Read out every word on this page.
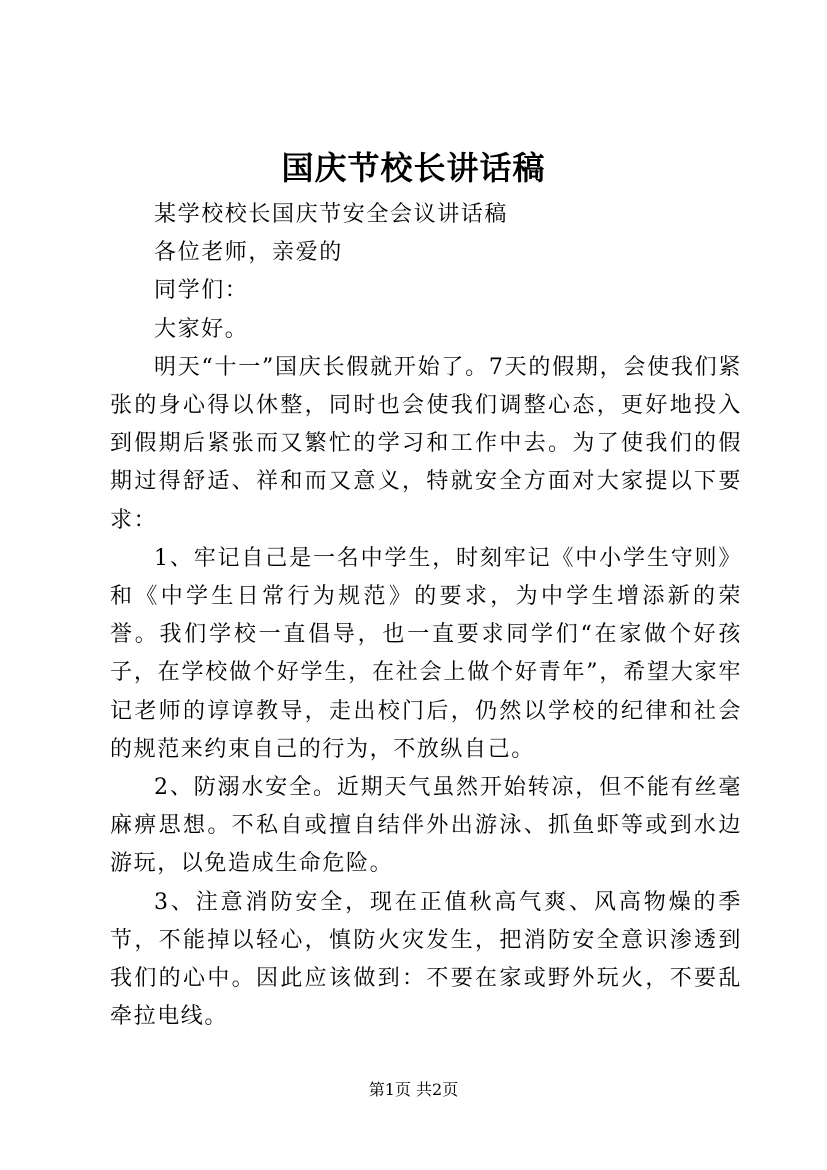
国庆节校长讲话稿

某学校校长国庆节安全会议讲话稿

各位老师，亲爱的

同学们：

大家好。

明天“十一”国庆长假就开始了。7天的假期，会使我们紧张的身心得以休整，同时也会使我们调整心态，更好地投入到假期后紧张而又繁忙的学习和工作中去。为了使我们的假期过得舒适、祥和而又意义，特就安全方面对大家提以下要求：

1、牢记自己是一名中学生，时刻牢记《中小学生守则》和《中学生日常行为规范》的要求，为中学生增添新的荣誉。我们学校一直倡导，也一直要求同学们“在家做个好孩子，在学校做个好学生，在社会上做个好青年”，希望大家牢记老师的谆谆教导，走出校门后，仍然以学校的纪律和社会的规范来约束自己的行为，不放纵自己。

2、防溺水安全。近期天气虽然开始转凉，但不能有丝毫麻痹思想。不私自或擅自结伴外出游泳、抓鱼虾等或到水边游玩，以免造成生命危险。

3、注意消防安全，现在正值秋高气爽、风高物燥的季节，不能掉以轻心，慎防火灾发生，把消防安全意识渗透到我们的心中。因此应该做到：不要在家或野外玩火，不要乱牵拉电线。

第1页 共2页
